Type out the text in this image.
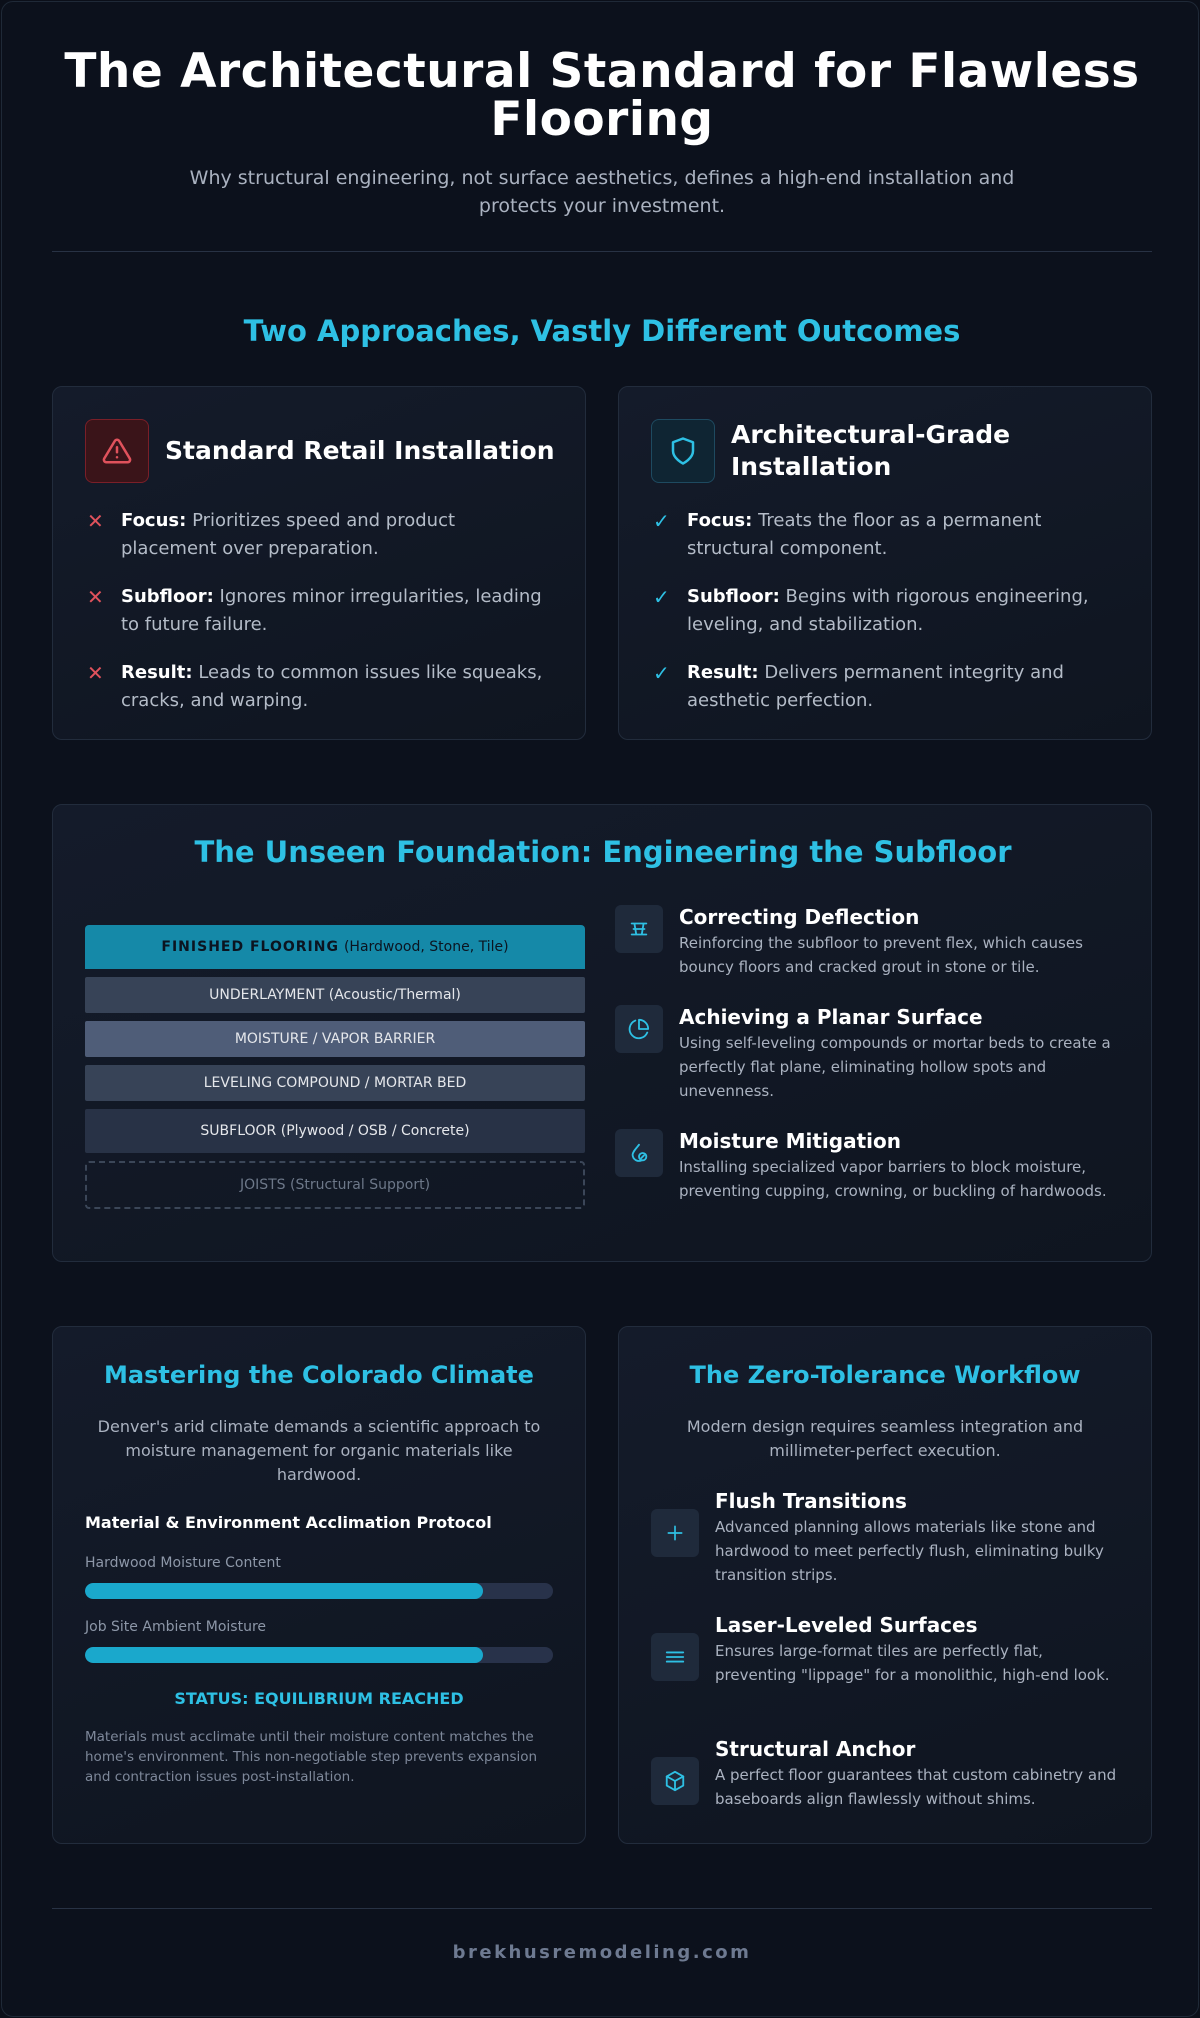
The Architectural Standard for Flawless Flooring

Why structural engineering, not surface aesthetics, defines a high-end installation and protects your investment.

Two Approaches, Vastly Different Outcomes
Standard Retail Installation
✕ Focus: Prioritizes speed and product placement over preparation.
✕ Subfloor: Ignores minor irregularities, leading to future failure.
✕ Result: Leads to common issues like squeaks, cracks, and warping.
Architectural-Grade Installation
✓ Focus: Treats the floor as a permanent structural component.
✓ Subfloor: Begins with rigorous engineering, leveling, and stabilization.
✓ Result: Delivers permanent integrity and aesthetic perfection.
The Unseen Foundation: Engineering the Subfloor
FINISHED FLOORING (Hardwood, Stone, Tile)
UNDERLAYMENT (Acoustic/Thermal)
MOISTURE / VAPOR BARRIER
LEVELING COMPOUND / MORTAR BED
SUBFLOOR (Plywood / OSB / Concrete)
JOISTS (Structural Support)
Correcting Deflection
Reinforcing the subfloor to prevent flex, which causes bouncy floors and cracked grout in stone or tile.
Achieving a Planar Surface
Using self-leveling compounds or mortar beds to create a perfectly flat plane, eliminating hollow spots and unevenness.
Moisture Mitigation
Installing specialized vapor barriers to block moisture, preventing cupping, crowning, or buckling of hardwoods.
Mastering the Colorado Climate
Denver's arid climate demands a scientific approach to moisture management for organic materials like hardwood.
Material & Environment Acclimation Protocol
Hardwood Moisture Content
Job Site Ambient Moisture
STATUS: EQUILIBRIUM REACHED
Materials must acclimate until their moisture content matches the home's environment. This non-negotiable step prevents expansion and contraction issues post-installation.
The Zero-Tolerance Workflow
Modern design requires seamless integration and millimeter-perfect execution.
Flush Transitions
Advanced planning allows materials like stone and hardwood to meet perfectly flush, eliminating bulky transition strips.
Laser-Leveled Surfaces
Ensures large-format tiles are perfectly flat, preventing "lippage" for a monolithic, high-end look.
Structural Anchor
A perfect floor guarantees that custom cabinetry and baseboards align flawlessly without shims.
brekhusremodeling.com
